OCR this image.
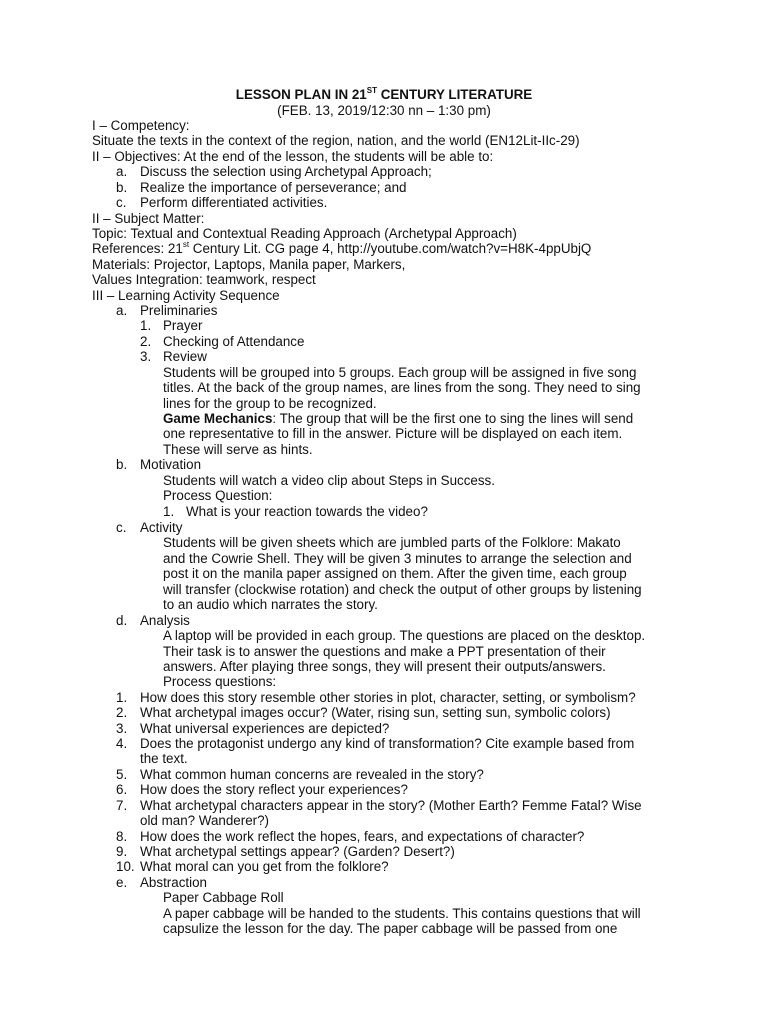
LESSON PLAN IN 21ST CENTURY LITERATURE
(FEB. 13, 2019/12:30 nn – 1:30 pm)
I – Competency:
Situate the texts in the context of the region, nation, and the world (EN12Lit-IIc-29)
II – Objectives: At the end of the lesson, the students will be able to:
a. Discuss the selection using Archetypal Approach;
b. Realize the importance of perseverance; and
c. Perform differentiated activities.
II – Subject Matter:
Topic: Textual and Contextual Reading Approach (Archetypal Approach)
References: 21st Century Lit. CG page 4, http://youtube.com/watch?v=H8K-4ppUbjQ
Materials: Projector, Laptops, Manila paper, Markers,
Values Integration: teamwork, respect
III – Learning Activity Sequence
a. Preliminaries
1. Prayer
2. Checking of Attendance
3. Review
Students will be grouped into 5 groups. Each group will be assigned in five song
titles. At the back of the group names, are lines from the song. They need to sing
lines for the group to be recognized.
Game Mechanics: The group that will be the first one to sing the lines will send
one representative to fill in the answer. Picture will be displayed on each item.
These will serve as hints.
b. Motivation
Students will watch a video clip about Steps in Success.
Process Question:
1. What is your reaction towards the video?
c. Activity
Students will be given sheets which are jumbled parts of the Folklore: Makato
and the Cowrie Shell. They will be given 3 minutes to arrange the selection and
post it on the manila paper assigned on them. After the given time, each group
will transfer (clockwise rotation) and check the output of other groups by listening
to an audio which narrates the story.
d. Analysis
A laptop will be provided in each group. The questions are placed on the desktop.
Their task is to answer the questions and make a PPT presentation of their
answers. After playing three songs, they will present their outputs/answers.
Process questions:
1. How does this story resemble other stories in plot, character, setting, or symbolism?
2. What archetypal images occur? (Water, rising sun, setting sun, symbolic colors)
3. What universal experiences are depicted?
4. Does the protagonist undergo any kind of transformation? Cite example based from
the text.
5. What common human concerns are revealed in the story?
6. How does the story reflect your experiences?
7. What archetypal characters appear in the story? (Mother Earth? Femme Fatal? Wise
old man? Wanderer?)
8. How does the work reflect the hopes, fears, and expectations of character?
9. What archetypal settings appear? (Garden? Desert?)
10. What moral can you get from the folklore?
e. Abstraction
Paper Cabbage Roll
A paper cabbage will be handed to the students. This contains questions that will
capsulize the lesson for the day. The paper cabbage will be passed from one
